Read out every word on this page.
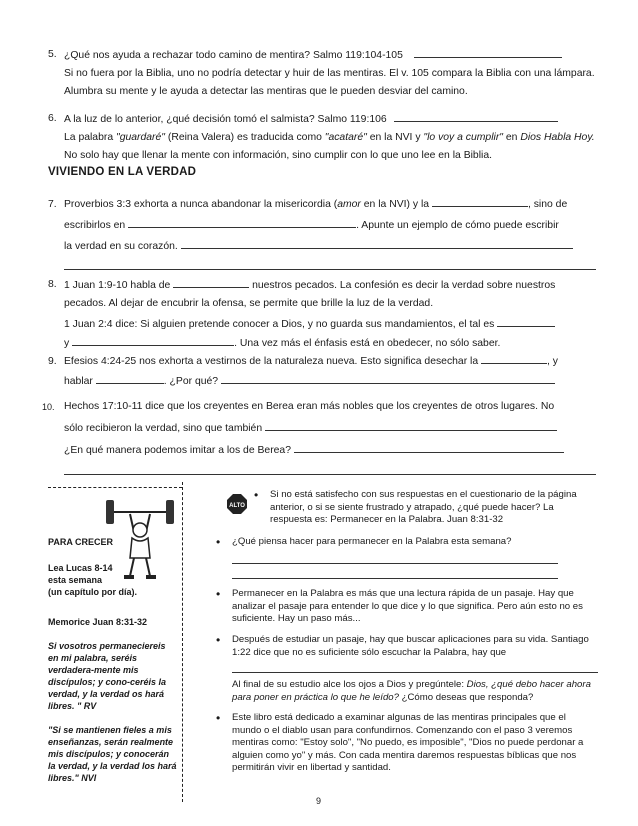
5. ¿Qué nos ayuda a rechazar todo camino de mentira? Salmo 119:104-105
Si no fuera por la Biblia, uno no podría detectar y huir de las mentiras. El v. 105 compara la Biblia con una lámpara. Alumbra su mente y le ayuda a detectar las mentiras que le pueden desviar del camino.
6. A la luz de lo anterior, ¿qué decisión tomó el salmista? Salmo 119:106
La palabra "guardaré" (Reina Valera) es traducida como "acataré" en la NVI y "lo voy a cumplir" en Dios Habla Hoy. No solo hay que llenar la mente con información, sino cumplir con lo que uno lee en la Biblia.
VIVIENDO EN LA VERDAD
7. Proverbios 3:3 exhorta a nunca abandonar la misericordia (amor en la NVI) y la	, sino de
escribirlos en	. Apunte un ejemplo de cómo puede escribir
la verdad en su corazón.
8. 1 Juan 1:9-10 habla de	nuestros pecados. La confesión es decir la verdad sobre nuestros pecados. Al dejar de encubrir la ofensa, se permite que brille la luz de la verdad.
1 Juan 2:4 dice: Si alguien pretende conocer a Dios, y no guarda sus mandamientos, el tal es
y	. Una vez más el énfasis está en obedecer, no sólo saber.
9. Efesios 4:24-25 nos exhorta a vestirnos de la naturaleza nueva. Esto significa desechar la	, y
hablar	. ¿Por qué?
10. Hechos 17:10-11 dice que los creyentes en Berea eran más nobles que los creyentes de otros lugares. No
sólo recibieron la verdad, sino que también
¿En qué manera podemos imitar a los de Berea?
PARA CRECER
Lea Lucas 8-14
esta semana
(un capítulo por día).
Memorice Juan 8:31-32
Si vosotros permaneciereis en mi palabra, seréis verdadera-mente mis discípulos; y cono-ceréis la verdad, y la verdad os hará libres. " RV
"Si se mantienen fieles a mis enseñanzas, serán realmente mis discípulos; y conocerán la verdad, y la verdad los hará libres." NVI
ALTO
• Si no está satisfecho con sus respuestas en el cuestionario de la página anterior, o si se siente frustrado y atrapado, ¿qué puede hacer? La respuesta es: Permanecer en la Palabra. Juan 8:31-32
• ¿Qué piensa hacer para permanecer en la Palabra esta semana?
• Permanecer en la Palabra es más que una lectura rápida de un pasaje. Hay que analizar el pasaje para entender lo que dice y lo que significa. Pero aún esto no es suficiente. Hay un paso más...
• Después de estudiar un pasaje, hay que buscar aplicaciones para su vida. Santiago 1:22 dice que no es suficiente sólo escuchar la Palabra, hay que
Al final de su estudio alce los ojos a Dios y pregúntele: Dios, ¿qué debo hacer ahora para poner en práctica lo que he leído? ¿Cómo deseas que responda?
• Este libro está dedicado a examinar algunas de las mentiras principales que el mundo o el diablo usan para confundirnos. Comenzando con el paso 3 veremos mentiras como: "Estoy solo", "No puedo, es imposible", "Dios no puede perdonar a alguien como yo" y más. Con cada mentira daremos respuestas bíblicas que nos permitirán vivir en libertad y santidad.
9
